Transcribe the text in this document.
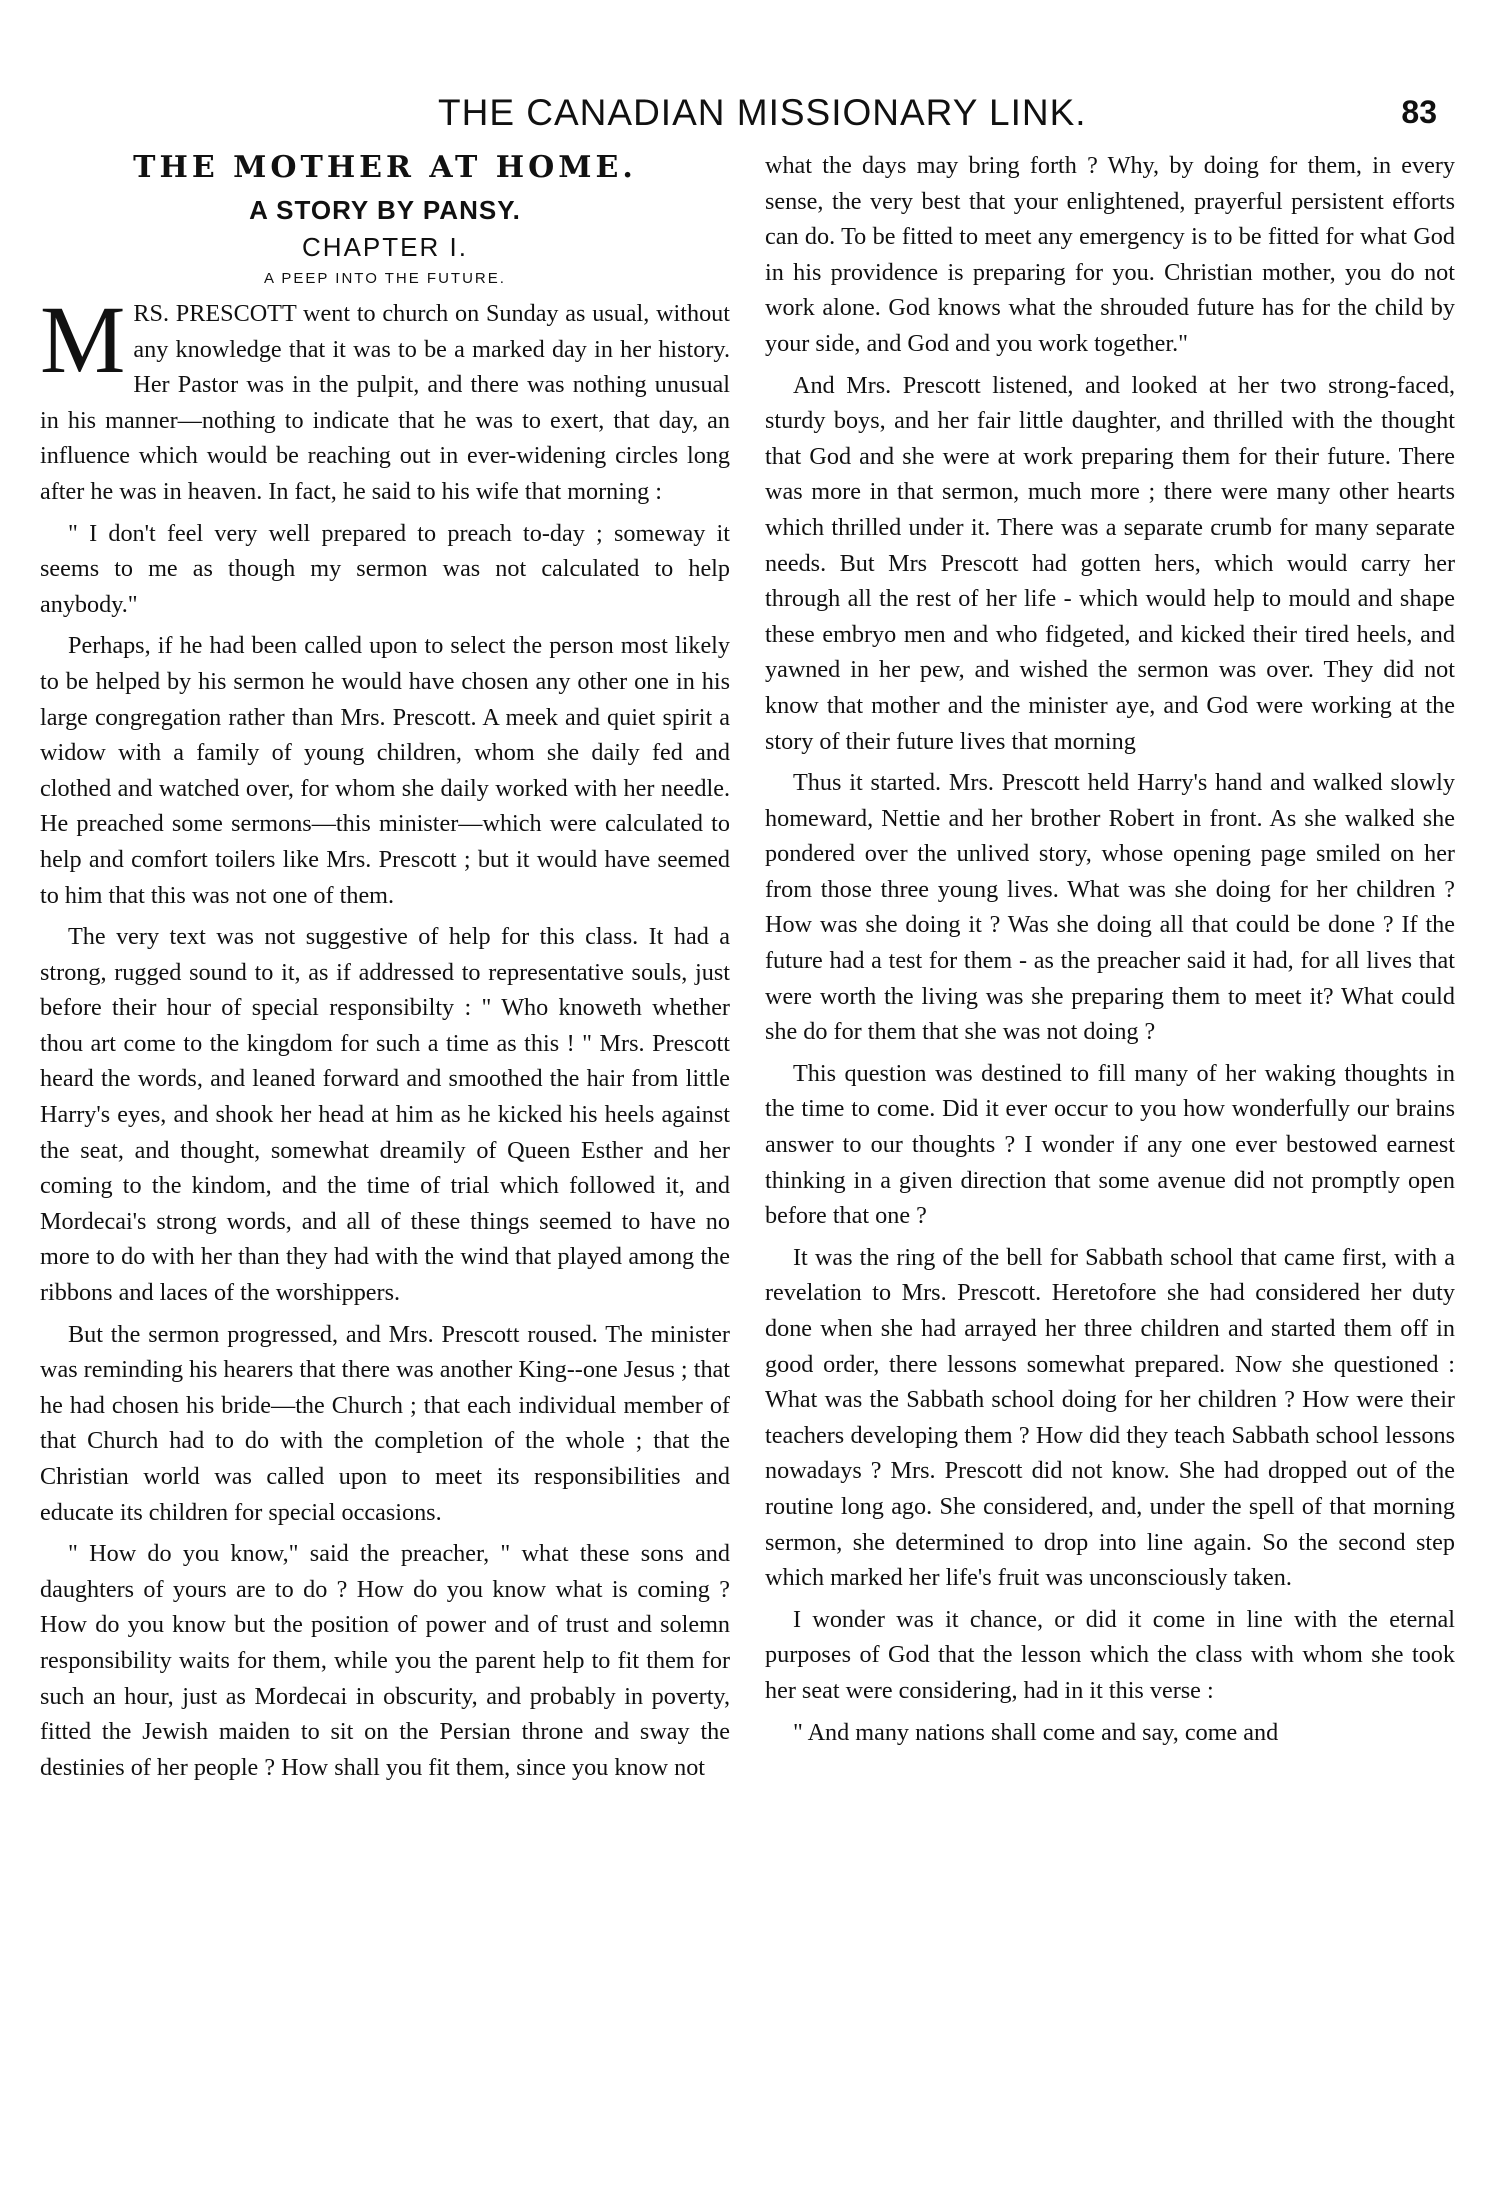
THE CANADIAN MISSIONARY LINK.	83
THE MOTHER AT HOME.
A STORY BY PANSY.
CHAPTER I.
A PEEP INTO THE FUTURE.

MRS. PRESCOTT went to church on Sunday as usual, without any knowledge that it was to be a marked day in her history. Her Pastor was in the pulpit, and there was nothing unusual in his manner—nothing to indicate that he was to exert, that day, an influence which would be reaching out in ever-widening circles long after he was in heaven. In fact, he said to his wife that morning :

" I don't feel very well prepared to preach to-day ; someway it seems to me as though my sermon was not calculated to help anybody."

Perhaps, if he had been called upon to select the person most likely to be helped by his sermon he would have chosen any other one in his large congregation rather than Mrs. Prescott. A meek and quiet spirit a widow with a family of young children, whom she daily fed and clothed and watched over, for whom she daily worked with her needle. He preached some sermons—this minister—which were calculated to help and comfort toilers like Mrs. Prescott ; but it would have seemed to him that this was not one of them.

The very text was not suggestive of help for this class. It had a strong, rugged sound to it, as if addressed to representative souls, just before their hour of special responsibilty : " Who knoweth whether thou art come to the kingdom for such a time as this ! " Mrs. Prescott heard the words, and leaned forward and smoothed the hair from little Harry's eyes, and shook her head at him as he kicked his heels against the seat, and thought, somewhat dreamily of Queen Esther and her coming to the kindom, and the time of trial which followed it, and Mordecai's strong words, and all of these things seemed to have no more to do with her than they had with the wind that played among the ribbons and laces of the worshippers.

But the sermon progressed, and Mrs. Prescott roused. The minister was reminding his hearers that there was another King--one Jesus ; that he had chosen his bride—the Church ; that each individual member of that Church had to do with the completion of the whole ; that the Christian world was called upon to meet its responsibilities and educate its children for special occasions.

" How do you know," said the preacher, " what these sons and daughters of yours are to do ? How do you know what is coming ? How do you know but the position of power and of trust and solemn responsibility waits for them, while you the parent help to fit them for such an hour, just as Mordecai in obscurity, and probably in poverty, fitted the Jewish maiden to sit on the Persian throne and sway the destinies of her people ? How shall you fit them, since you know not

what the days may bring forth ? Why, by doing for them, in every sense, the very best that your enlightened, prayerful persistent efforts can do. To be fitted to meet any emergency is to be fitted for what God in his providence is preparing for you. Christian mother, you do not work alone. God knows what the shrouded future has for the child by your side, and God and you work together."

And Mrs. Prescott listened, and looked at her two strong-faced, sturdy boys, and her fair little daughter, and thrilled with the thought that God and she were at work preparing them for their future. There was more in that sermon, much more ; there were many other hearts which thrilled under it. There was a separate crumb for many separate needs. But Mrs Prescott had gotten hers, which would carry her through all the rest of her life - which would help to mould and shape these embryo men and who fidgeted, and kicked their tired heels, and yawned in her pew, and wished the sermon was over. They did not know that mother and the minister aye, and God were working at the story of their future lives that morning

Thus it started. Mrs. Prescott held Harry's hand and walked slowly homeward, Nettie and her brother Robert in front. As she walked she pondered over the unlived story, whose opening page smiled on her from those three young lives. What was she doing for her children ? How was she doing it ? Was she doing all that could be done ? If the future had a test for them - as the preacher said it had, for all lives that were worth the living was she preparing them to meet it? What could she do for them that she was not doing ?

This question was destined to fill many of her waking thoughts in the time to come. Did it ever occur to you how wonderfully our brains answer to our thoughts ? I wonder if any one ever bestowed earnest thinking in a given direction that some avenue did not promptly open before that one ?

It was the ring of the bell for Sabbath school that came first, with a revelation to Mrs. Prescott. Heretofore she had considered her duty done when she had arrayed her three children and started them off in good order, there lessons somewhat prepared. Now she questioned : What was the Sabbath school doing for her children ? How were their teachers developing them ? How did they teach Sabbath school lessons nowadays ? Mrs. Prescott did not know. She had dropped out of the routine long ago. She considered, and, under the spell of that morning sermon, she determined to drop into line again. So the second step which marked her life's fruit was unconsciously taken.

I wonder was it chance, or did it come in line with the eternal purposes of God that the lesson which the class with whom she took her seat were considering, had in it this verse :

" And many nations shall come and say, come and
